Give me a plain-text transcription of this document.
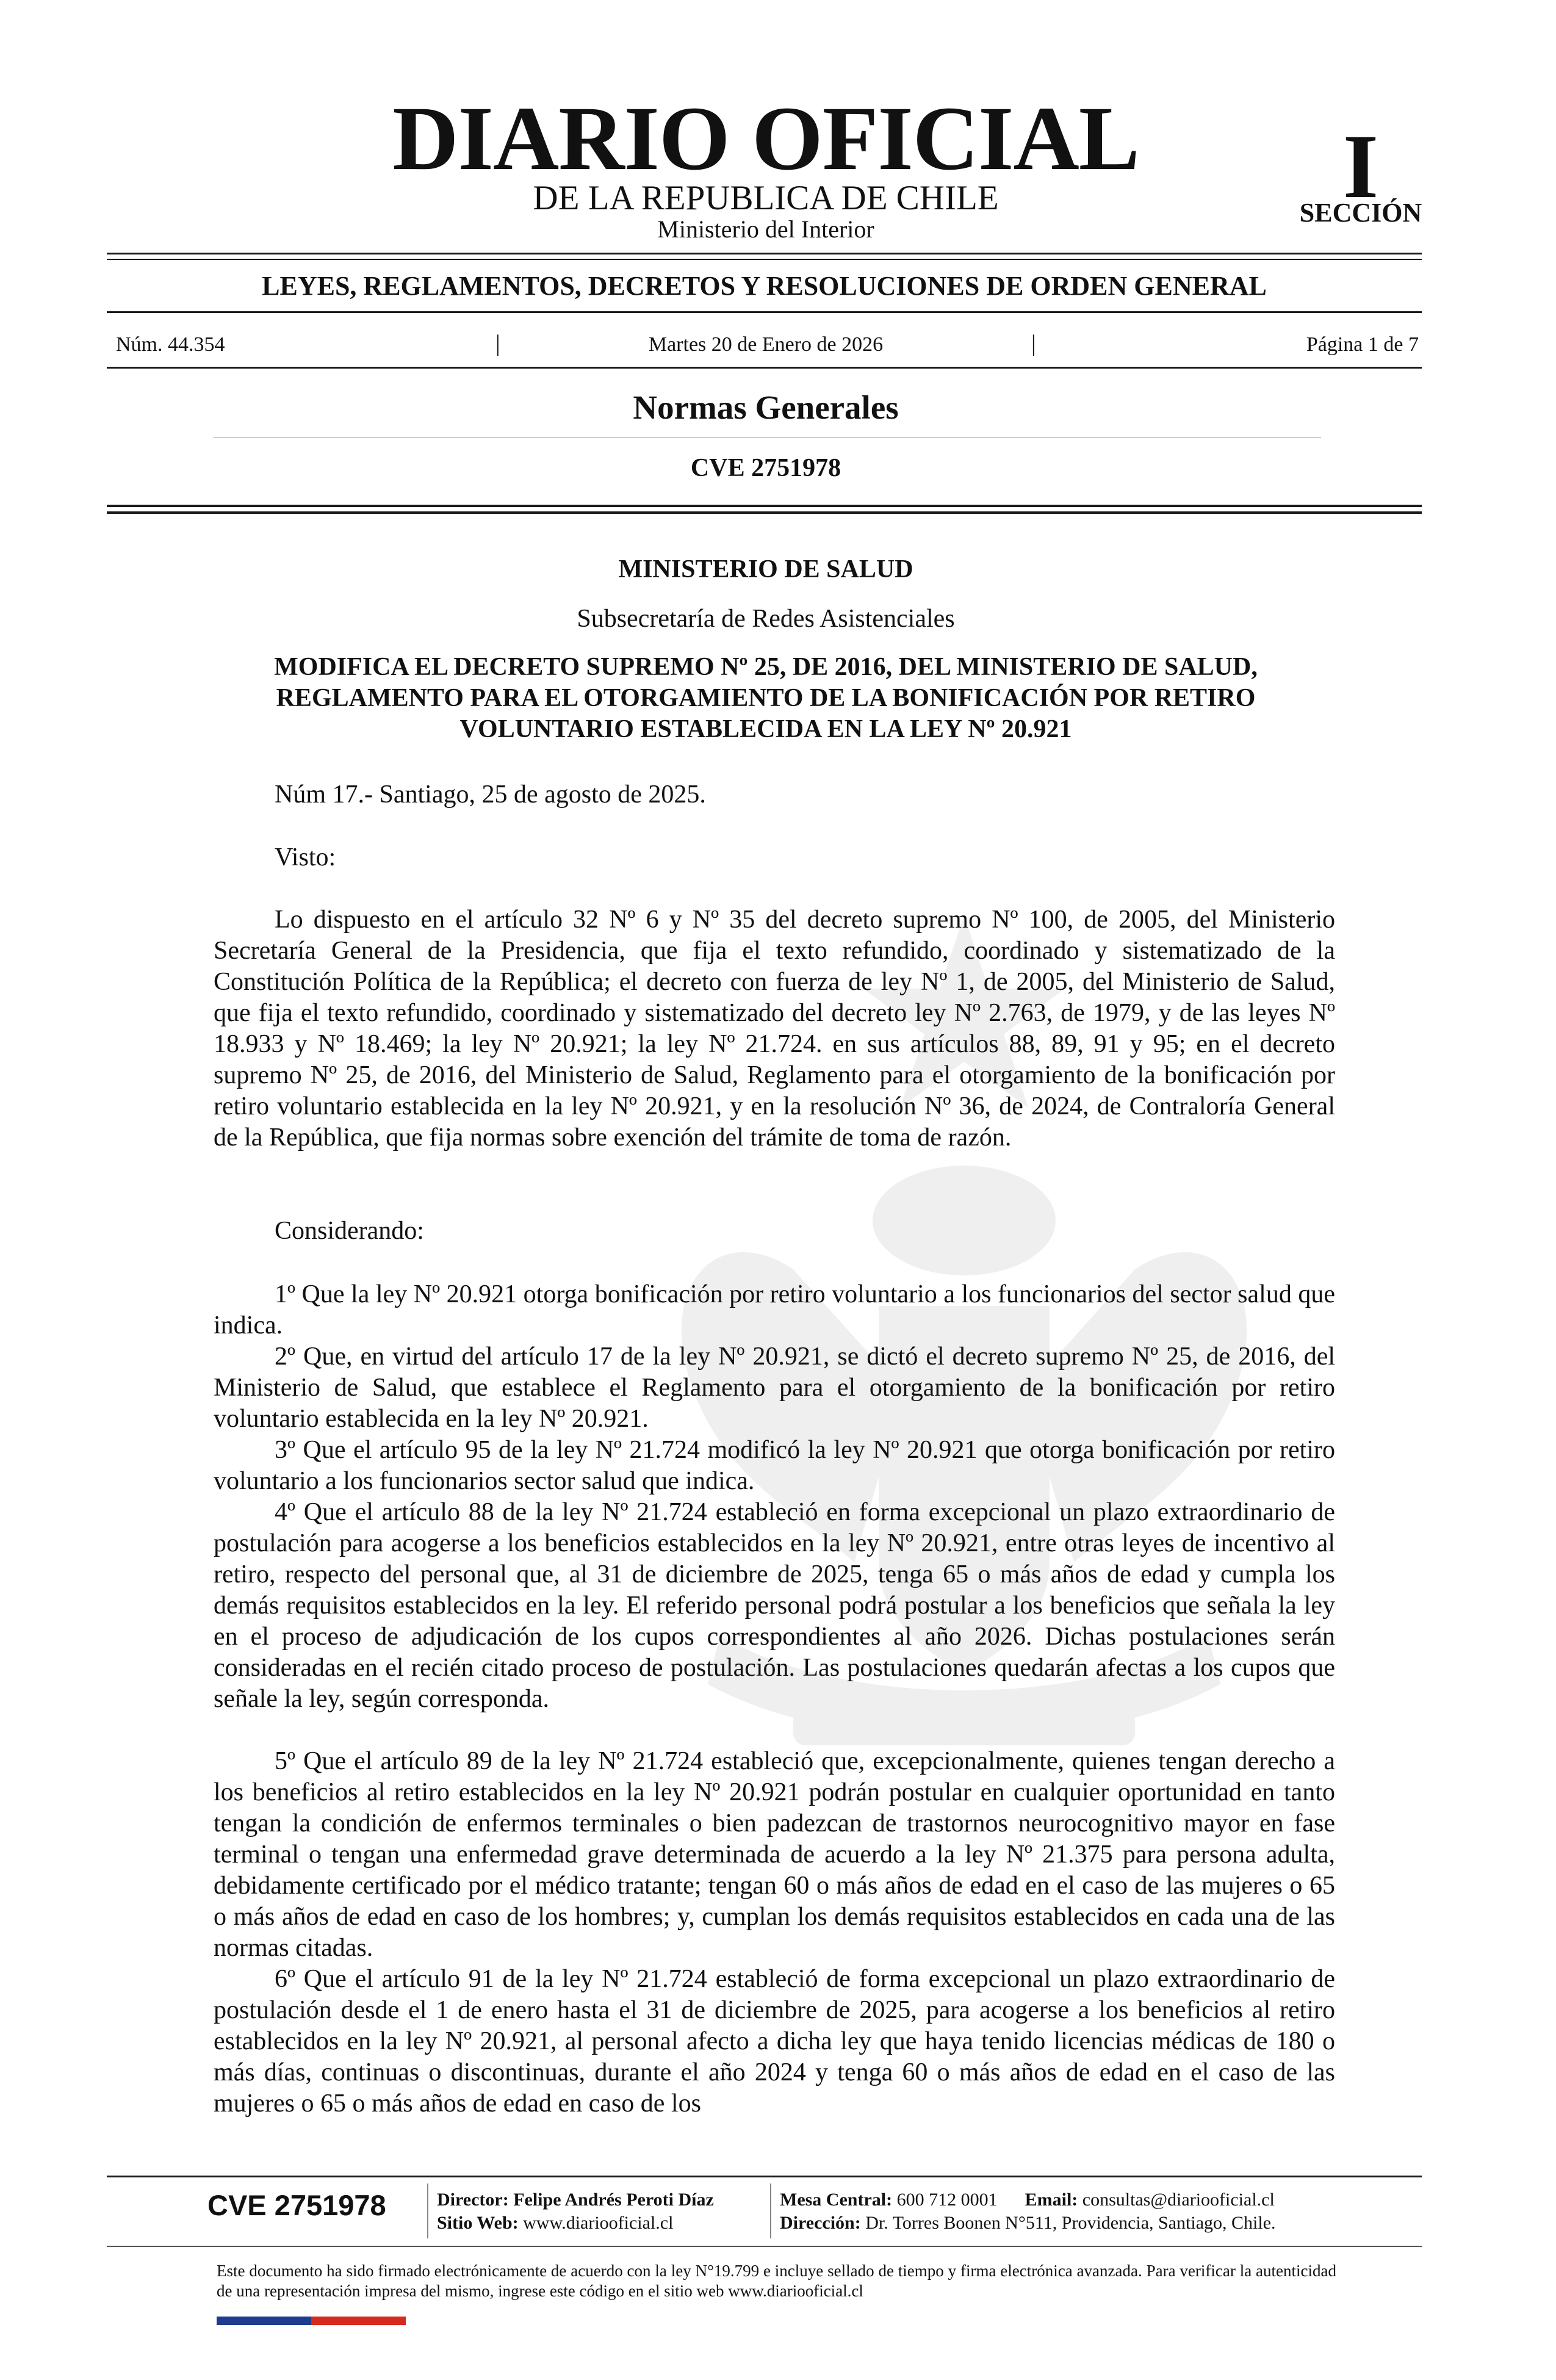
DIARIO OFICIAL
DE LA REPUBLICA DE CHILE
Ministerio del Interior
I
SECCIÓN
LEYES, REGLAMENTOS, DECRETOS Y RESOLUCIONES DE ORDEN GENERAL
Núm. 44.354	|	Martes 20 de Enero de 2026	|	Página 1 de 7
Normas Generales
CVE 2751978
MINISTERIO DE SALUD
Subsecretaría de Redes Asistenciales
MODIFICA EL DECRETO SUPREMO Nº 25, DE 2016, DEL MINISTERIO DE SALUD, REGLAMENTO PARA EL OTORGAMIENTO DE LA BONIFICACIÓN POR RETIRO VOLUNTARIO ESTABLECIDA EN LA LEY Nº 20.921
Núm 17.- Santiago, 25 de agosto de 2025.
Visto:
Lo dispuesto en el artículo 32 Nº 6 y Nº 35 del decreto supremo Nº 100, de 2005, del Ministerio Secretaría General de la Presidencia, que fija el texto refundido, coordinado y sistematizado de la Constitución Política de la República; el decreto con fuerza de ley Nº 1, de 2005, del Ministerio de Salud, que fija el texto refundido, coordinado y sistematizado del decreto ley Nº 2.763, de 1979, y de las leyes Nº 18.933 y Nº 18.469; la ley Nº 20.921; la ley Nº 21.724. en sus artículos 88, 89, 91 y 95; en el decreto supremo Nº 25, de 2016, del Ministerio de Salud, Reglamento para el otorgamiento de la bonificación por retiro voluntario establecida en la ley Nº 20.921, y en la resolución Nº 36, de 2024, de Contraloría General de la República, que fija normas sobre exención del trámite de toma de razón.
Considerando:
1º Que la ley Nº 20.921 otorga bonificación por retiro voluntario a los funcionarios del sector salud que indica.
2º Que, en virtud del artículo 17 de la ley Nº 20.921, se dictó el decreto supremo Nº 25, de 2016, del Ministerio de Salud, que establece el Reglamento para el otorgamiento de la bonificación por retiro voluntario establecida en la ley Nº 20.921.
3º Que el artículo 95 de la ley Nº 21.724 modificó la ley Nº 20.921 que otorga bonificación por retiro voluntario a los funcionarios sector salud que indica.
4º Que el artículo 88 de la ley Nº 21.724 estableció en forma excepcional un plazo extraordinario de postulación para acogerse a los beneficios establecidos en la ley Nº 20.921, entre otras leyes de incentivo al retiro, respecto del personal que, al 31 de diciembre de 2025, tenga 65 o más años de edad y cumpla los demás requisitos establecidos en la ley. El referido personal podrá postular a los beneficios que señala la ley en el proceso de adjudicación de los cupos correspondientes al año 2026. Dichas postulaciones serán consideradas en el recién citado proceso de postulación. Las postulaciones quedarán afectas a los cupos que señale la ley, según corresponda.
5º Que el artículo 89 de la ley Nº 21.724 estableció que, excepcionalmente, quienes tengan derecho a los beneficios al retiro establecidos en la ley Nº 20.921 podrán postular en cualquier oportunidad en tanto tengan la condición de enfermos terminales o bien padezcan de trastornos neurocognitivo mayor en fase terminal o tengan una enfermedad grave determinada de acuerdo a la ley Nº 21.375 para persona adulta, debidamente certificado por el médico tratante; tengan 60 o más años de edad en el caso de las mujeres o 65 o más años de edad en caso de los hombres; y, cumplan los demás requisitos establecidos en cada una de las normas citadas.
6º Que el artículo 91 de la ley Nº 21.724 estableció de forma excepcional un plazo extraordinario de postulación desde el 1 de enero hasta el 31 de diciembre de 2025, para acogerse a los beneficios al retiro establecidos en la ley Nº 20.921, al personal afecto a dicha ley que haya tenido licencias médicas de 180 o más días, continuas o discontinuas, durante el año 2024 y tenga 60 o más años de edad en el caso de las mujeres o 65 o más años de edad en caso de los
CVE 2751978	Director: Felipe Andrés Peroti Díaz
Sitio Web: www.diariooficial.cl
Mesa Central: 600 712 0001 Email: consultas@diariooficial.cl
Dirección: Dr. Torres Boonen N°511, Providencia, Santiago, Chile.
Este documento ha sido firmado electrónicamente de acuerdo con la ley N°19.799 e incluye sellado de tiempo y firma electrónica avanzada. Para verificar la autenticidad de una representación impresa del mismo, ingrese este código en el sitio web www.diariooficial.cl
